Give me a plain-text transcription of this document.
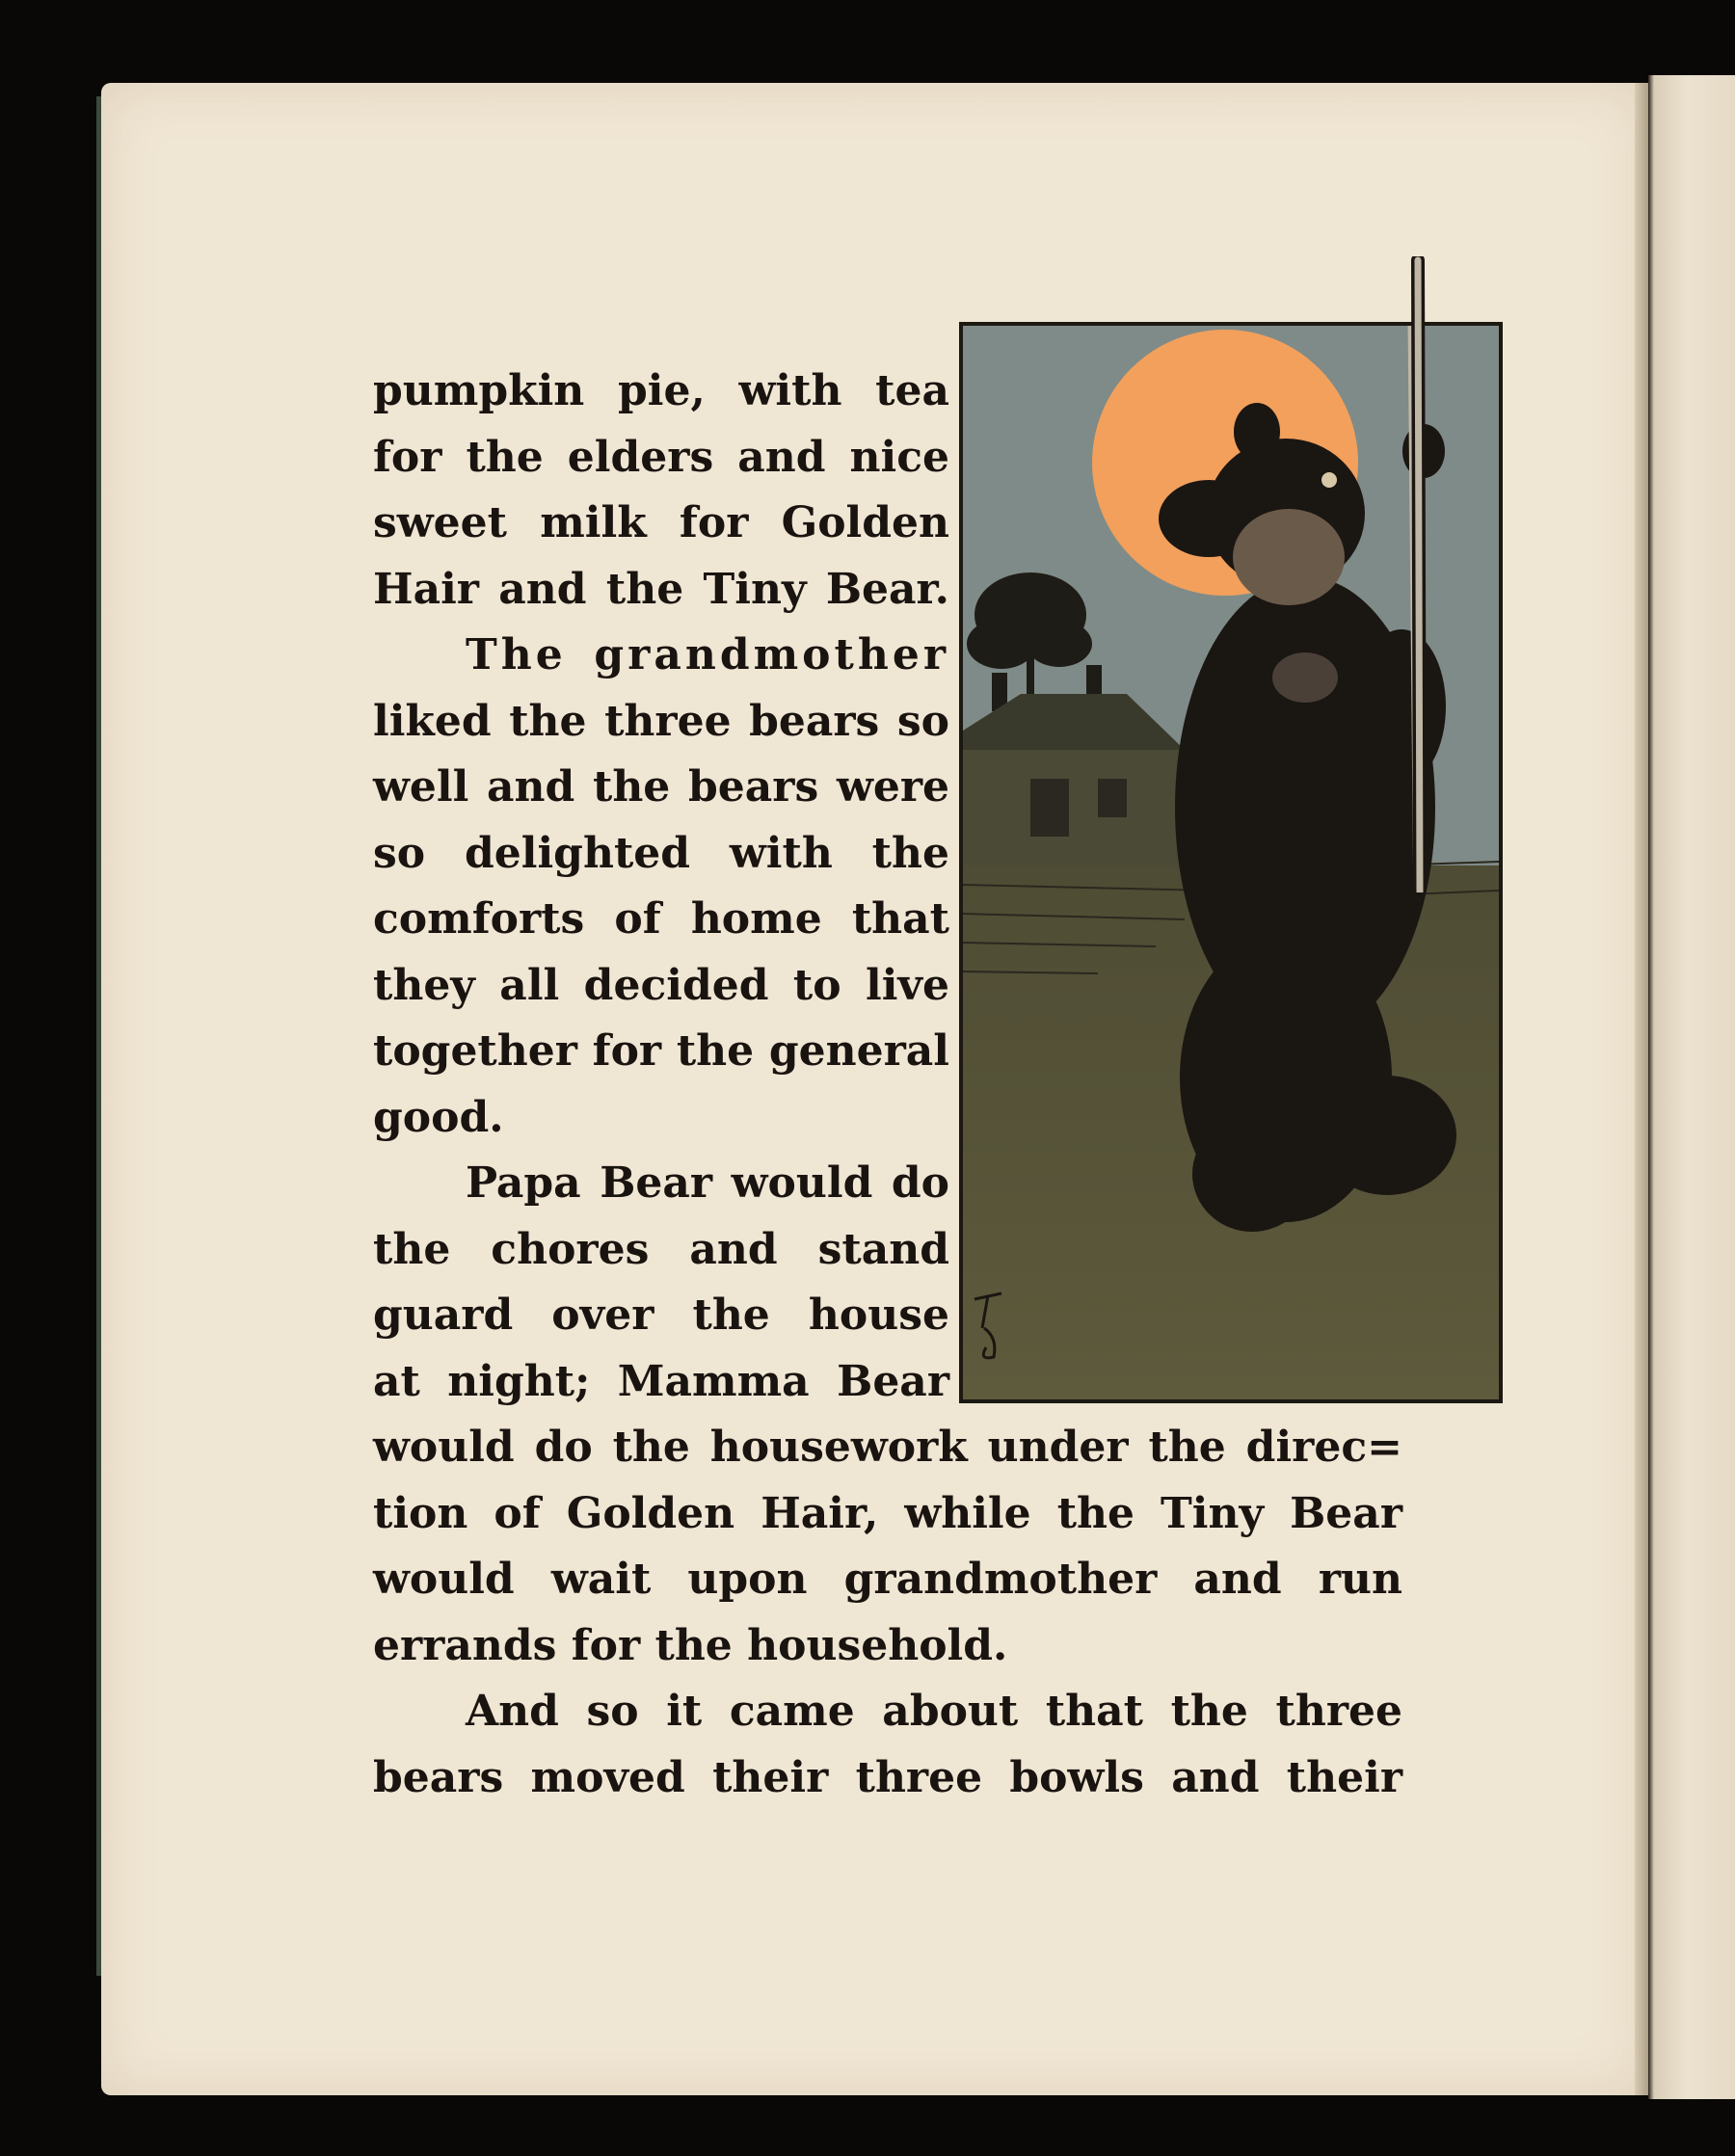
pumpkin pie, with tea
for the elders and nice
sweet milk for Golden
Hair and the Tiny Bear.
The grandmother
liked the three bears so
well and the bears were
so delighted with the
comforts of home that
they all decided to live
together for the general
good.
Papa Bear would do
the chores and stand
guard over the house
at night; Mamma Bear
would do the housework under the direc=
tion of Golden Hair, while the Tiny Bear
would wait upon grandmother and run
errands for the household.
And so it came about that the three
bears moved their three bowls and their
